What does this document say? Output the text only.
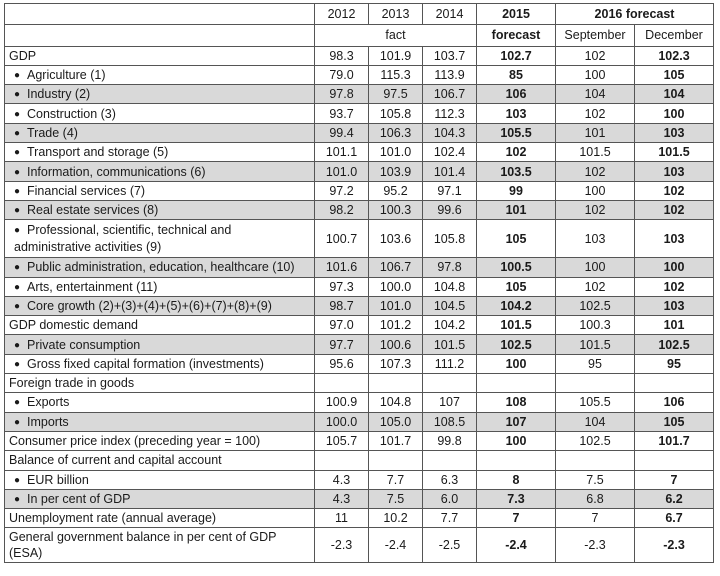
	2012	2013	2014	2015	2016 forecast	
	fact			forecast	September	December
GDP	98.3	101.9	103.7	102.7	102	102.3
● Agriculture (1)	79.0	115.3	113.9	85	100	105
● Industry (2)	97.8	97.5	106.7	106	104	104
● Construction (3)	93.7	105.8	112.3	103	102	100
● Trade (4)	99.4	106.3	104.3	105.5	101	103
● Transport and storage (5)	101.1	101.0	102.4	102	101.5	101.5
● Information, communications (6)	101.0	103.9	101.4	103.5	102	103
● Financial services (7)	97.2	95.2	97.1	99	100	102
● Real estate services (8)	98.2	100.3	99.6	101	102	102
● Professional, scientific, technical and administrative activities (9)	100.7	103.6	105.8	105	103	103
● Public administration, education, healthcare (10)	101.6	106.7	97.8	100.5	100	100
● Arts, entertainment (11)	97.3	100.0	104.8	105	102	102
● Core growth (2)+(3)+(4)+(5)+(6)+(7)+(8)+(9)	98.7	101.0	104.5	104.2	102.5	103
GDP domestic demand	97.0	101.2	104.2	101.5	100.3	101
● Private consumption	97.7	100.6	101.5	102.5	101.5	102.5
● Gross fixed capital formation (investments)	95.6	107.3	111.2	100	95	95
Foreign trade in goods						
● Exports	100.9	104.8	107	108	105.5	106
● Imports	100.0	105.0	108.5	107	104	105
Consumer price index (preceding year = 100)	105.7	101.7	99.8	100	102.5	101.7
Balance of current and capital account						
● EUR billion	4.3	7.7	6.3	8	7.5	7
● In per cent of GDP	4.3	7.5	6.0	7.3	6.8	6.2
Unemployment rate (annual average)	11	10.2	7.7	7	7	6.7
General government balance in per cent of GDP (ESA)	-2.3	-2.4	-2.5	-2.4	-2.3	-2.3
